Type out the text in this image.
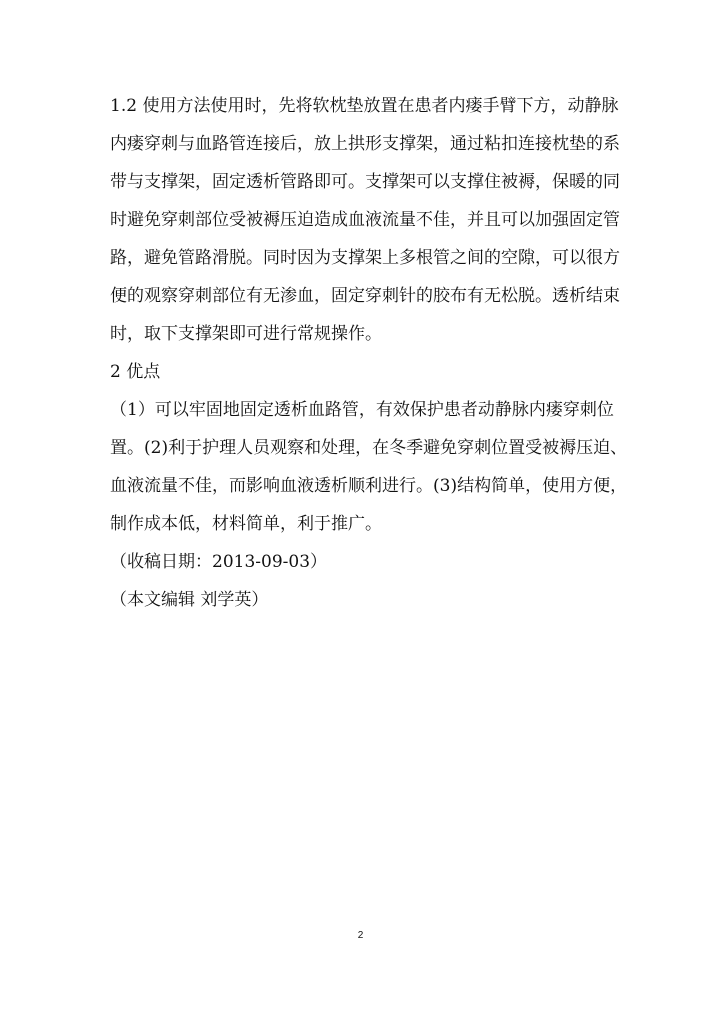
1.2 使用方法使用时，先将软枕垫放置在患者内瘘手臂下方，动静脉
内瘘穿刺与血路管连接后，放上拱形支撑架，通过粘扣连接枕垫的系
带与支撑架，固定透析管路即可。支撑架可以支撑住被褥，保暖的同
时避免穿刺部位受被褥压迫造成血液流量不佳，并且可以加强固定管
路，避免管路滑脱。同时因为支撑架上多根管之间的空隙，可以很方
便的观察穿刺部位有无渗血，固定穿刺针的胶布有无松脱。透析结束
时，取下支撑架即可进行常规操作。
2 优点
（1）可以牢固地固定透析血路管，有效保护患者动静脉内瘘穿刺位
置。(2)利于护理人员观察和处理，在冬季避免穿刺位置受被褥压迫、
血液流量不佳，而影响血液透析顺利进行。(3)结构简单，使用方便，
制作成本低，材料简单，利于推广。
（收稿日期：2013-09-03）
（本文编辑 刘学英）
2
